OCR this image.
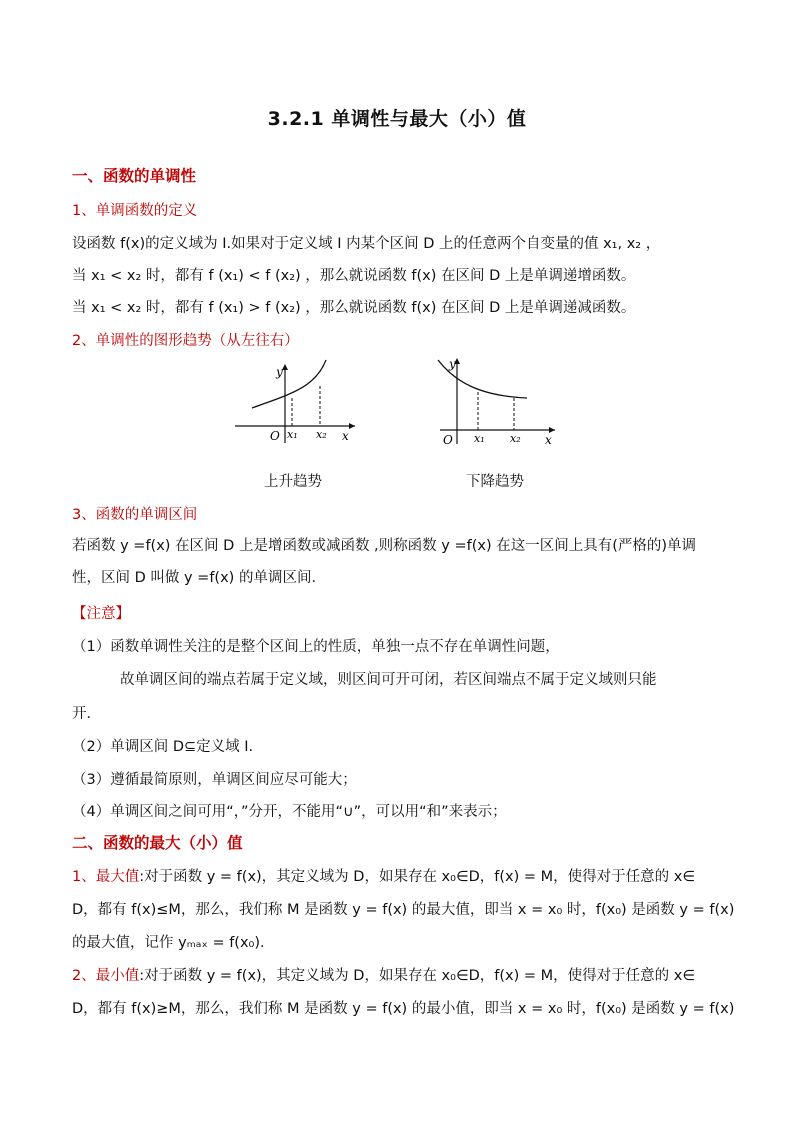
3.2.1 单调性与最大（小）值
一、函数的单调性
1、单调函数的定义
设函数 f(x)的定义域为 I.如果对于定义域 I 内某个区间 D 上的任意两个自变量的值 x₁, x₂ ，
当 x₁ < x₂ 时，都有 f (x₁) < f (x₂) ，那么就说函数 f(x) 在区间 D 上是单调递增函数。
当 x₁ < x₂ 时，都有 f (x₁) > f (x₂) ，那么就说函数 f(x) 在区间 D 上是单调递减函数。
2、单调性的图形趋势（从左往右）
y
O x₁ x₂ x
y
O x₁ x₂ x
上升趋势	下降趋势
3、函数的单调区间
若函数 y =f(x) 在区间 D 上是增函数或减函数 ,则称函数 y =f(x) 在这一区间上具有(严格的)单调性，区间 D 叫做 y =f(x) 的单调区间．
【注意】
（1）函数单调性关注的是整个区间上的性质，单独一点不存在单调性问题，
故单调区间的端点若属于定义域，则区间可开可闭，若区间端点不属于定义域则只能
开．
（2）单调区间 D⊆定义域 I.
（3）遵循最简原则，单调区间应尽可能大；
（4）单调区间之间可用“，”分开，不能用“∪”，可以用“和”来表示；
二、函数的最大（小）值
1、最大值:对于函数 y = f(x)，其定义域为 D，如果存在 x₀∈D，f(x) = M，使得对于任意的 x∈
D，都有 f(x)≤M，那么，我们称 M 是函数 y = f(x) 的最大值，即当 x = x₀ 时，f(x₀) 是函数 y = f(x)
的最大值，记作 yₘₐₓ = f(x₀)．
2、最小值:对于函数 y = f(x)，其定义域为 D，如果存在 x₀∈D，f(x) = M，使得对于任意的 x∈
D，都有 f(x)≥M，那么，我们称 M 是函数 y = f(x) 的最小值，即当 x = x₀ 时，f(x₀) 是函数 y = f(x)
